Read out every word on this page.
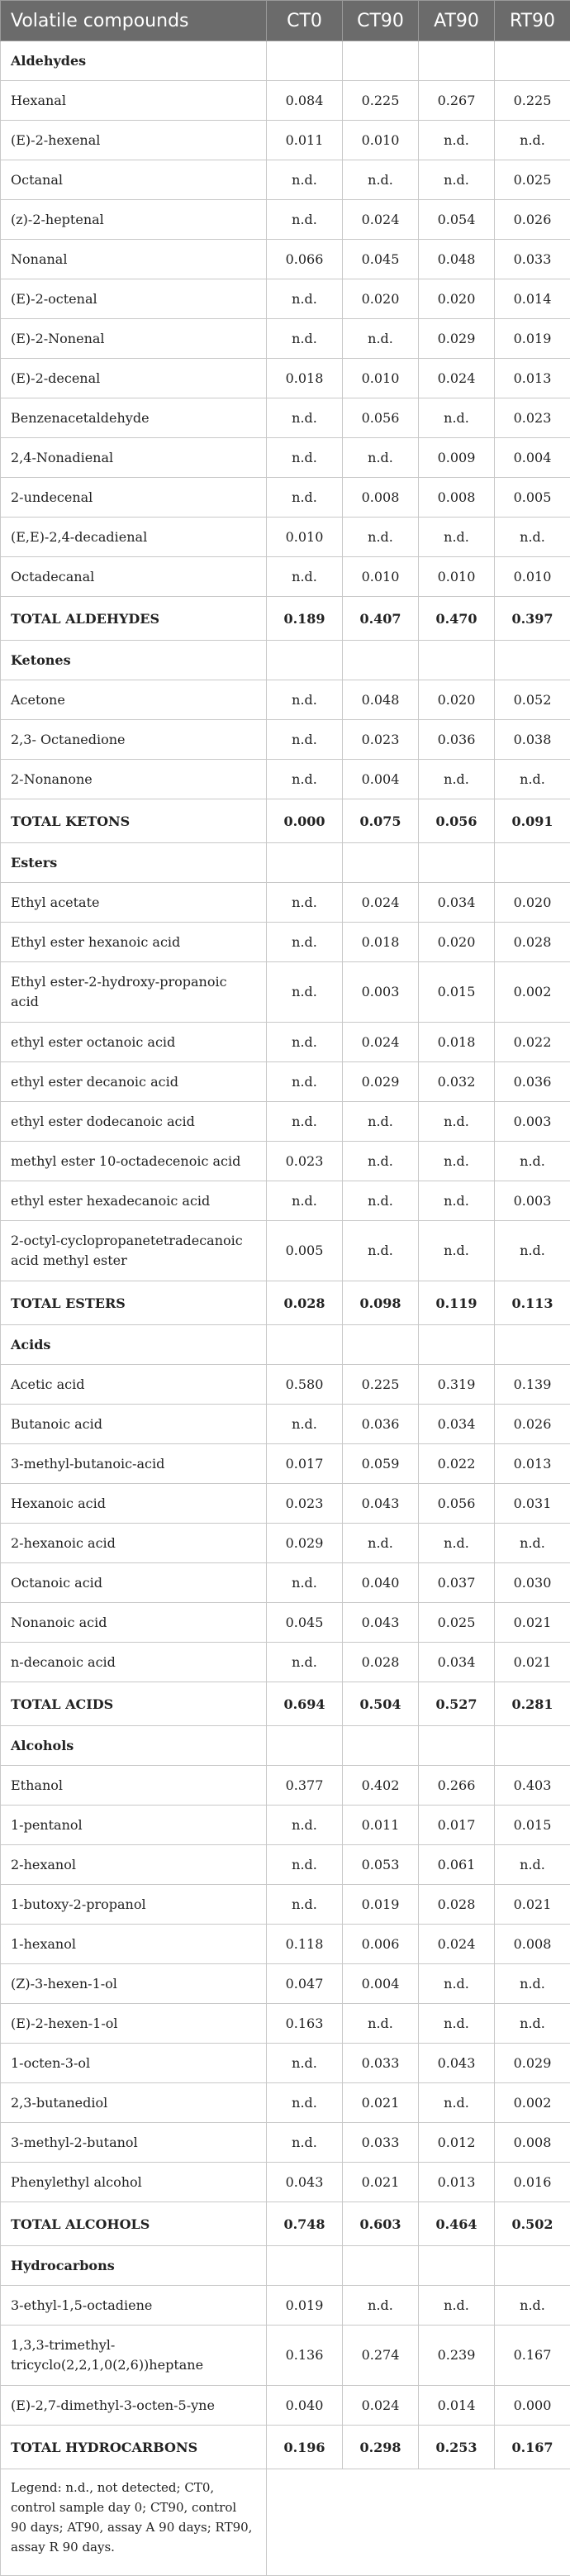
Volatile compounds	CT0	CT90	AT90	RT90
Aldehydes				
Hexanal	0.084	0.225	0.267	0.225
(E)-2-hexenal	0.011	0.010	n.d.	n.d.
Octanal	n.d.	n.d.	n.d.	0.025
(z)-2-heptenal	n.d.	0.024	0.054	0.026
Nonanal	0.066	0.045	0.048	0.033
(E)-2-octenal	n.d.	0.020	0.020	0.014
(E)-2-Nonenal	n.d.	n.d.	0.029	0.019
(E)-2-decenal	0.018	0.010	0.024	0.013
Benzenacetaldehyde	n.d.	0.056	n.d.	0.023
2,4-Nonadienal	n.d.	n.d.	0.009	0.004
2-undecenal	n.d.	0.008	0.008	0.005
(E,E)-2,4-decadienal	0.010	n.d.	n.d.	n.d.
Octadecanal	n.d.	0.010	0.010	0.010
TOTAL ALDEHYDES	0.189	0.407	0.470	0.397
Ketones				
Acetone	n.d.	0.048	0.020	0.052
2,3- Octanedione	n.d.	0.023	0.036	0.038
2-Nonanone	n.d.	0.004	n.d.	n.d.
TOTAL KETONS	0.000	0.075	0.056	0.091
Esters				
Ethyl acetate	n.d.	0.024	0.034	0.020
Ethyl ester hexanoic acid	n.d.	0.018	0.020	0.028
Ethyl ester-2-hydroxy-propanoic acid	n.d.	0.003	0.015	0.002
ethyl ester octanoic acid	n.d.	0.024	0.018	0.022
ethyl ester decanoic acid	n.d.	0.029	0.032	0.036
ethyl ester dodecanoic acid	n.d.	n.d.	n.d.	0.003
methyl ester 10-octadecenoic acid	0.023	n.d.	n.d.	n.d.
ethyl ester hexadecanoic acid	n.d.	n.d.	n.d.	0.003
2-octyl-cyclopropanetetradecanoic acid methyl ester	0.005	n.d.	n.d.	n.d.
TOTAL ESTERS	0.028	0.098	0.119	0.113
Acids				
Acetic acid	0.580	0.225	0.319	0.139
Butanoic acid	n.d.	0.036	0.034	0.026
3-methyl-butanoic-acid	0.017	0.059	0.022	0.013
Hexanoic acid	0.023	0.043	0.056	0.031
2-hexanoic acid	0.029	n.d.	n.d.	n.d.
Octanoic acid	n.d.	0.040	0.037	0.030
Nonanoic acid	0.045	0.043	0.025	0.021
n-decanoic acid	n.d.	0.028	0.034	0.021
TOTAL ACIDS	0.694	0.504	0.527	0.281
Alcohols				
Ethanol	0.377	0.402	0.266	0.403
1-pentanol	n.d.	0.011	0.017	0.015
2-hexanol	n.d.	0.053	0.061	n.d.
1-butoxy-2-propanol	n.d.	0.019	0.028	0.021
1-hexanol	0.118	0.006	0.024	0.008
(Z)-3-hexen-1-ol	0.047	0.004	n.d.	n.d.
(E)-2-hexen-1-ol	0.163	n.d.	n.d.	n.d.
1-octen-3-ol	n.d.	0.033	0.043	0.029
2,3-butanediol	n.d.	0.021	n.d.	0.002
3-methyl-2-butanol	n.d.	0.033	0.012	0.008
Phenylethyl alcohol	0.043	0.021	0.013	0.016
TOTAL ALCOHOLS	0.748	0.603	0.464	0.502
Hydrocarbons				
3-ethyl-1,5-octadiene	0.019	n.d.	n.d.	n.d.
1,3,3-trimethyl-tricyclo(2,2,1,0(2,6))heptane	0.136	0.274	0.239	0.167
(E)-2,7-dimethyl-3-octen-5-yne	0.040	0.024	0.014	0.000
TOTAL HYDROCARBONS	0.196	0.298	0.253	0.167
Legend: n.d., not detected; CT0, control sample day 0; CT90, control 90 days; AT90, assay A 90 days; RT90, assay R 90 days.				
